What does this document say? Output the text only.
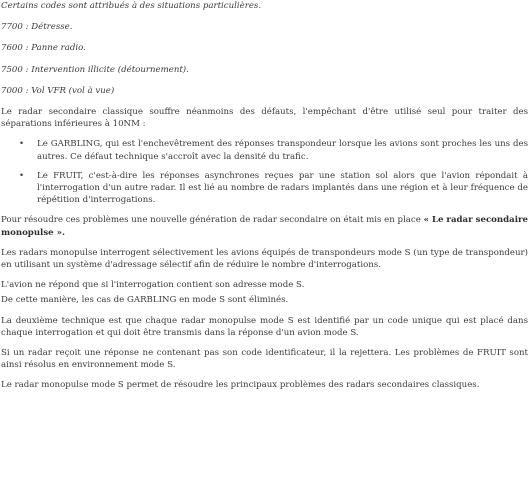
Certains codes sont attribués à des situations particulières.

7700 : Détresse.

7600 : Panne radio.

7500 : Intervention illicite (détournement).

7000 : Vol VFR (vol à vue)

Le radar secondaire classique souffre néanmoins des défauts, l'empêchant d'être utilisé seul pour traiter des séparations inférieures à 10NM :

• Le GARBLING, qui est l'enchevêtrement des réponses transpondeur lorsque les avions sont proches les uns des autres. Ce défaut technique s'accroît avec la densité du trafic.
• Le FRUIT, c'est-à-dire les réponses asynchrones reçues par une station sol alors que l'avion répondait à l'interrogation d'un autre radar. Il est lié au nombre de radars implantés dans une région et à leur fréquence de répétition d'interrogations.

Pour résoudre ces problèmes une nouvelle génération de radar secondaire on était mis en place « Le radar secondaire monopulse ».

Les radars monopulse interrogent sélectivement les avions équipés de transpondeurs mode S (un type de transpondeur) en utilisant un système d'adressage sélectif afin de réduire le nombre d'interrogations.

L'avion ne répond que si l'interrogation contient son adresse mode S.

De cette manière, les cas de GARBLING en mode S sont éliminés.

La deuxième technique est que chaque radar monopulse mode S est identifié par un code unique qui est placé dans chaque interrogation et qui doit être transmis dans la réponse d'un avion mode S.

Si un radar reçoit une réponse ne contenant pas son code identificateur, il la rejettera. Les problèmes de FRUIT sont ainsi résolus en environnement mode S.

Le radar monopulse mode S permet de résoudre les principaux problèmes des radars secondaires classiques.
